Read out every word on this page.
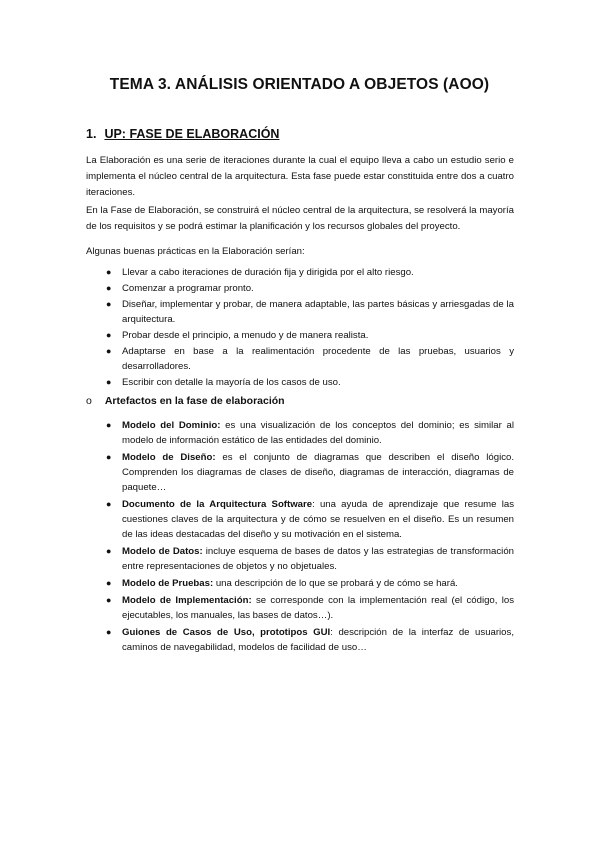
TEMA 3. ANÁLISIS ORIENTADO A OBJETOS (AOO)
1. UP: FASE DE ELABORACIÓN

La Elaboración es una serie de iteraciones durante la cual el equipo lleva a cabo un estudio serio e implementa el núcleo central de la arquitectura. Esta fase puede estar constituida entre dos a cuatro iteraciones.

En la Fase de Elaboración, se construirá el núcleo central de la arquitectura, se resolverá la mayoría de los requisitos y se podrá estimar la planificación y los recursos globales del proyecto.

Algunas buenas prácticas en la Elaboración serían:

● Llevar a cabo iteraciones de duración fija y dirigida por el alto riesgo.
● Comenzar a programar pronto.
● Diseñar, implementar y probar, de manera adaptable, las partes básicas y arriesgadas de la arquitectura.
● Probar desde el principio, a menudo y de manera realista.
● Adaptarse en base a la realimentación procedente de las pruebas, usuarios y desarrolladores.
● Escribir con detalle la mayoría de los casos de uso.
o Artefactos en la fase de elaboración
● Modelo del Dominio: es una visualización de los conceptos del dominio; es similar al modelo de información estático de las entidades del dominio.
● Modelo de Diseño: es el conjunto de diagramas que describen el diseño lógico. Comprenden los diagramas de clases de diseño, diagramas de interacción, diagramas de paquete…
● Documento de la Arquitectura Software: una ayuda de aprendizaje que resume las cuestiones claves de la arquitectura y de cómo se resuelven en el diseño. Es un resumen de las ideas destacadas del diseño y su motivación en el sistema.
● Modelo de Datos: incluye esquema de bases de datos y las estrategias de transformación entre representaciones de objetos y no objetuales.
● Modelo de Pruebas: una descripción de lo que se probará y de cómo se hará.
● Modelo de Implementación: se corresponde con la implementación real (el código, los ejecutables, los manuales, las bases de datos…).
● Guiones de Casos de Uso, prototipos GUI: descripción de la interfaz de usuarios, caminos de navegabilidad, modelos de facilidad de uso…
